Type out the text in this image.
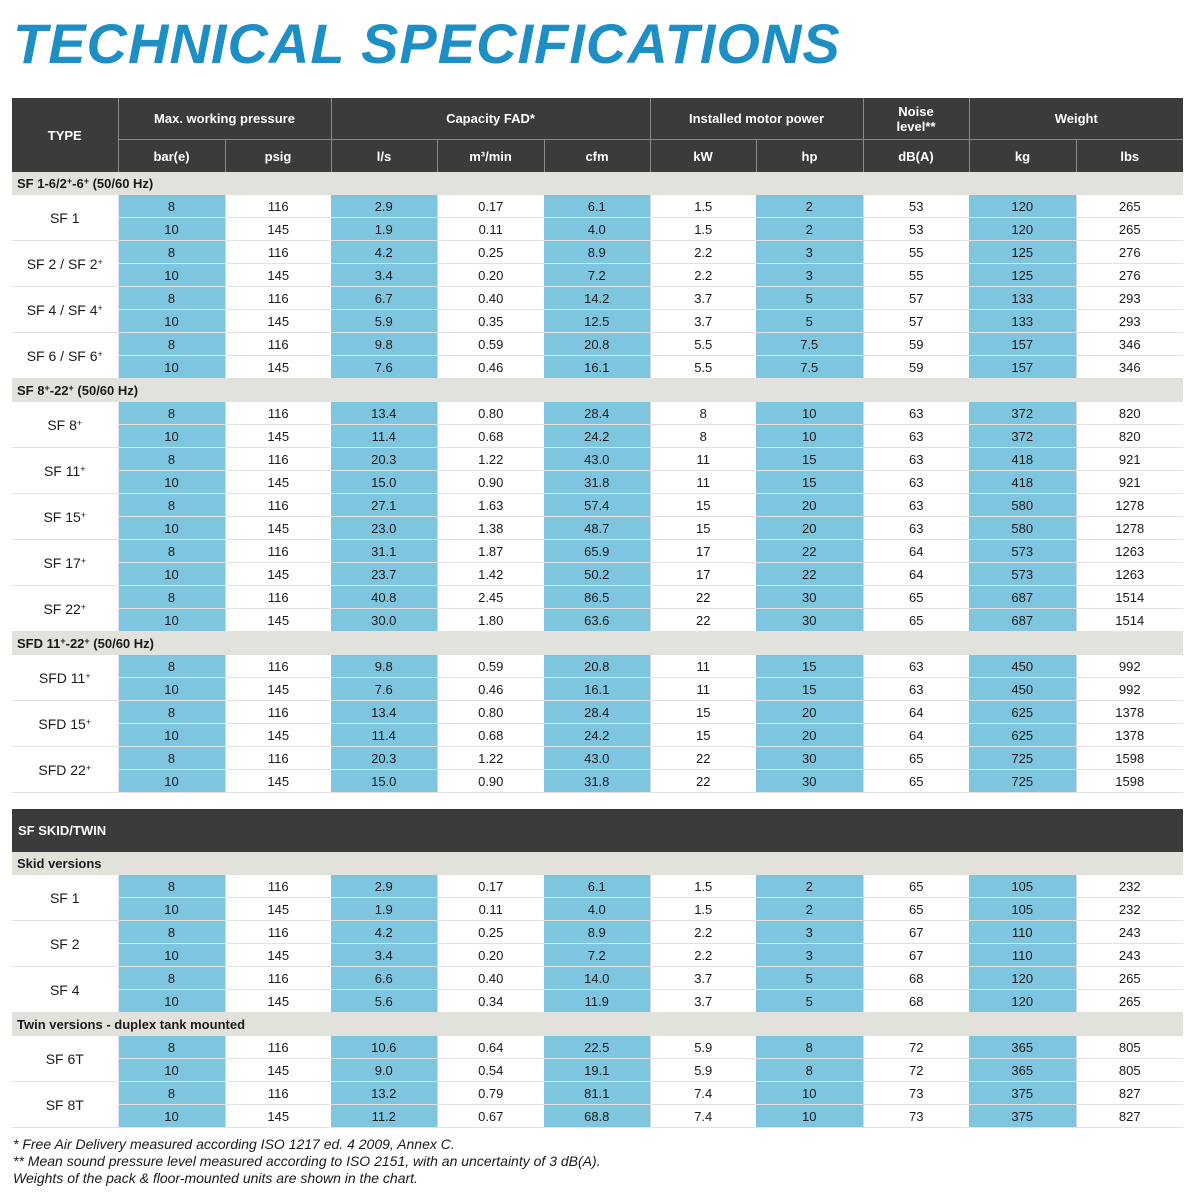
TECHNICAL SPECIFICATIONS
TYPE	Max. working pressure		Capacity FAD*			Installed motor power		Noise level**	Weight	
	bar(e)	psig	l/s	m³/min	cfm	kW	hp	dB(A)	kg	lbs
SF 1-6/2+-6+ (50/60 Hz)										
SF 1	8	116	2.9	0.17	6.1	1.5	2	53	120	265
	10	145	1.9	0.11	4.0	1.5	2	53	120	265
SF 2 / SF 2+	8	116	4.2	0.25	8.9	2.2	3	55	125	276
	10	145	3.4	0.20	7.2	2.2	3	55	125	276
SF 4 / SF 4+	8	116	6.7	0.40	14.2	3.7	5	57	133	293
	10	145	5.9	0.35	12.5	3.7	5	57	133	293
SF 6 / SF 6+	8	116	9.8	0.59	20.8	5.5	7.5	59	157	346
	10	145	7.6	0.46	16.1	5.5	7.5	59	157	346
SF 8+-22+ (50/60 Hz)										
SF 8+	8	116	13.4	0.80	28.4	8	10	63	372	820
	10	145	11.4	0.68	24.2	8	10	63	372	820
SF 11+	8	116	20.3	1.22	43.0	11	15	63	418	921
	10	145	15.0	0.90	31.8	11	15	63	418	921
SF 15+	8	116	27.1	1.63	57.4	15	20	63	580	1278
	10	145	23.0	1.38	48.7	15	20	63	580	1278
SF 17+	8	116	31.1	1.87	65.9	17	22	64	573	1263
	10	145	23.7	1.42	50.2	17	22	64	573	1263
SF 22+	8	116	40.8	2.45	86.5	22	30	65	687	1514
	10	145	30.0	1.80	63.6	22	30	65	687	1514
SFD 11+-22+ (50/60 Hz)										
SFD 11+	8	116	9.8	0.59	20.8	11	15	63	450	992
	10	145	7.6	0.46	16.1	11	15	63	450	992
SFD 15+	8	116	13.4	0.80	28.4	15	20	64	625	1378
	10	145	11.4	0.68	24.2	15	20	64	625	1378
SFD 22+	8	116	20.3	1.22	43.0	22	30	65	725	1598
	10	145	15.0	0.90	31.8	22	30	65	725	1598
SF SKID/TWIN										
Skid versions										
SF 1	8	116	2.9	0.17	6.1	1.5	2	65	105	232
	10	145	1.9	0.11	4.0	1.5	2	65	105	232
SF 2	8	116	4.2	0.25	8.9	2.2	3	67	110	243
	10	145	3.4	0.20	7.2	2.2	3	67	110	243
SF 4	8	116	6.6	0.40	14.0	3.7	5	68	120	265
	10	145	5.6	0.34	11.9	3.7	5	68	120	265
Twin versions - duplex tank mounted										
SF 6T	8	116	10.6	0.64	22.5	5.9	8	72	365	805
	10	145	9.0	0.54	19.1	5.9	8	72	365	805
SF 8T	8	116	13.2	0.79	81.1	7.4	10	73	375	827
	10	145	11.2	0.67	68.8	7.4	10	73	375	827
* Free Air Delivery measured according ISO 1217 ed. 4 2009, Annex C.
** Mean sound pressure level measured according to ISO 2151, with an uncertainty of 3 dB(A).
Weights of the pack & floor-mounted units are shown in the chart.
